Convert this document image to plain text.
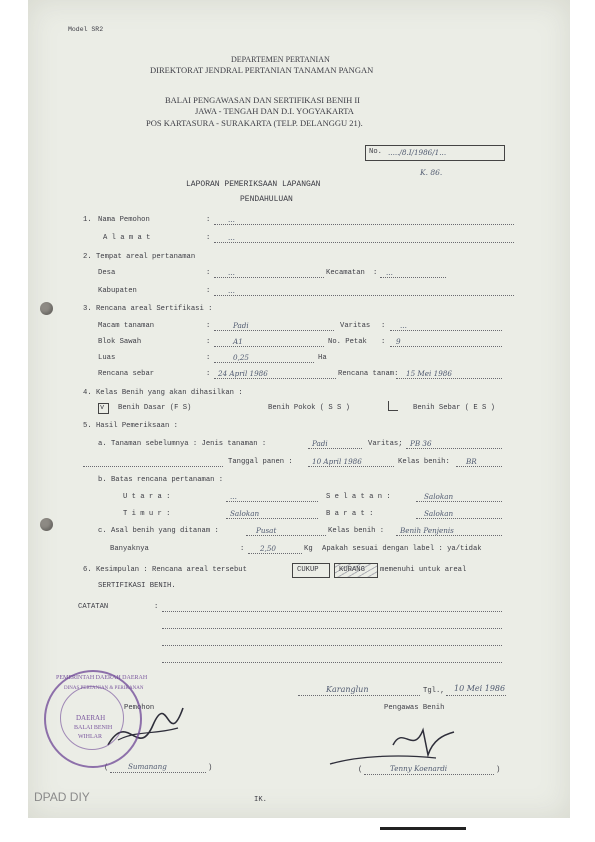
Model SR2
DEPARTEMEN PERTANIAN
DIREKTORAT JENDRAL PERTANIAN TANAMAN PANGAN
BALAI PENGAWASAN DAN SERTIFIKASI BENIH II
JAWA - TENGAH DAN D.I. YOGYAKARTA
POS KARTASURA - SURAKARTA (TELP. DELANGGU 21).
No. ...../8.I/1986/1...
K. 86.
LAPORAN PEMERIKSAAN LAPANGAN
PENDAHULUAN
1. Nama Pemohon	: ...
A l a m a t	: ...
2. Tempat areal pertanaman
Desa	: ...	Kecamatan : ...
Kabupaten	: ...
3. Rencana areal Sertifikasi :
Macam tanaman	:	Padi	Varitas : ...
Blok Sawah	:	A1	No. Petak : 9
Luas	:	0,25	Ha
Rencana sebar	: 24 April 1986	Rencana tanam: 15 Mei 1986
4. Kelas Benih yang akan dihasilkan :
v Benih Dasar (F S)	Benih Pokok ( S S )	Benih Sebar ( E S )
5. Hasil Pemeriksaan :
a. Tanaman sebelumnya : Jenis tanaman :	Padi	Varitas; PB 36
Tanggal panen :	10 April 1986	Kelas benih: BR
b. Batas rencana pertanaman :
U t a r a :	...	S e l a t a n :	Salokan
T i m u r :	Salokan	B a r a t :	Salokan
c. Asal benih yang ditanam :	Pusat	Kelas benih : Benih Penjenis
Banyaknya	: 2,50	Kg Apakah sesuai dengan label : ya/tidak
6. Kesimpulan : Rencana areal tersebut	CUKUP	KURANG memenuhi untuk areal
SERTIFIKASI BENIH.
CATATAN	:
Karanglun	Tgl., 10 Mei 1986
Pengawas Benih
Pemohon
(	Sumanang	)	(	Tenny Koenardi	)
PEMERINTAH DAERAH DAERAH
DINAS PERTANIAN & PERIKANAN
DAERAH
BALAI BENIH
WIHLAR
IK.
DPAD DIY
